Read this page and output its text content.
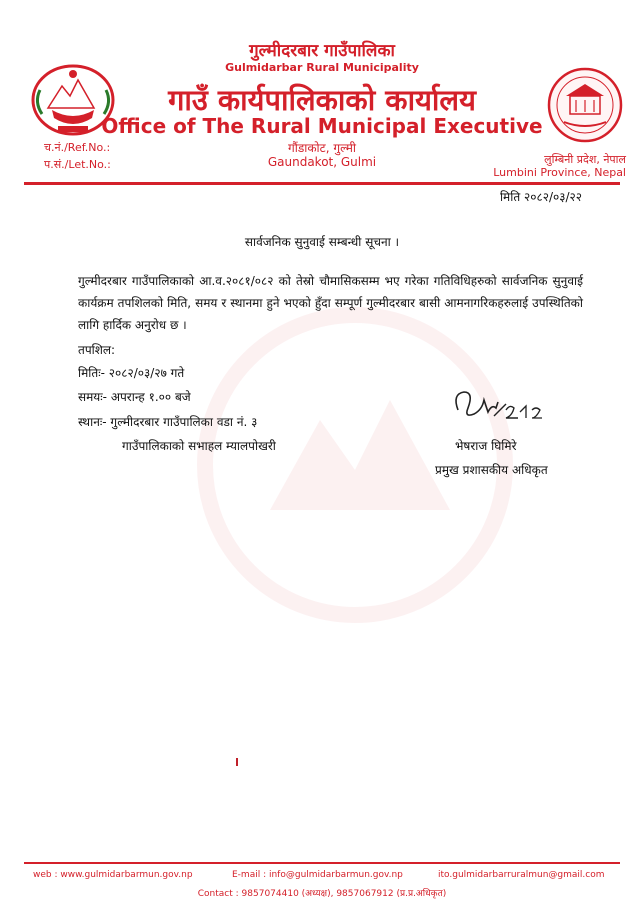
गुल्मीदरबार गाउँपालिका
Gulmidarbar Rural Municipality
गाउँ कार्यपालिकाको कार्यालय
Office of The Rural Municipal Executive
गौंडाकोट, गुल्मी
Gaundakot, Gulmi
च.नं./Ref.No.:
प.सं./Let.No.:	लुम्बिनी प्रदेश, नेपाल
Lumbini Province, Nepal
मिति २०८२/०३/२२
सार्वजनिक सुनुवाई सम्बन्धी सूचना ।
गुल्मीदरबार गाउँपालिकाको आ.व.२०८१/०८२ को तेस्रो चौमासिकसम्म भए गरेका गतिविधिहरुको सार्वजनिक सुनुवाई कार्यक्रम तपशिलको मिति, समय र स्थानमा हुने भएको हुँदा सम्पूर्ण गुल्मीदरबार बासी आमनागरिकहरुलाई उपस्थितिको लागि हार्दिक अनुरोध छ ।
तपशिल:
मितिः- २०८२/०३/२७ गते
समयः- अपरान्ह १.०० बजे
स्थानः- गुल्मीदरबार गाउँपालिका वडा नं. ३
गाउँपालिकाको सभाहल म्यालपोखरी	भेषराज घिमिरे
प्रमुख प्रशासकीय अधिकृत
web : www.gulmidarbarmun.gov.np	E-mail : info@gulmidarbarmun.gov.np	ito.gulmidarbarruralmun@gmail.com
Contact : 9857074410 (अध्यक्ष), 9857067912 (प्र.प्र.अधिकृत)
